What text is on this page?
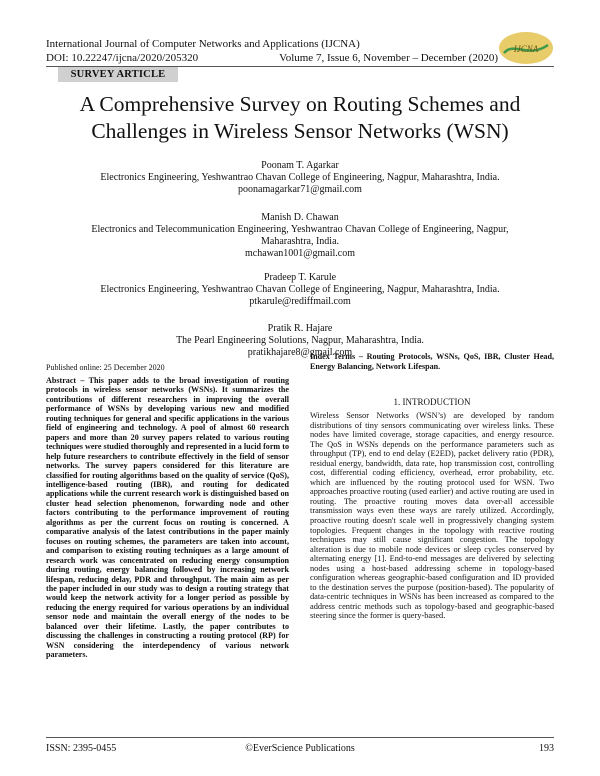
International Journal of Computer Networks and Applications (IJCNA)
DOI: 10.22247/ijcna/2020/205320	Volume 7, Issue 6, November – December (2020)
IJCNA
SURVEY ARTICLE
A Comprehensive Survey on Routing Schemes and
Challenges in Wireless Sensor Networks (WSN)
Poonam T. Agarkar
Electronics Engineering, Yeshwantrao Chavan College of Engineering, Nagpur, Maharashtra, India.
poonamagarkar71@gmail.com
Manish D. Chawan
Electronics and Telecommunication Engineering, Yeshwantrao Chavan College of Engineering, Nagpur, Maharashtra, India.
mchawan1001@gmail.com
Pradeep T. Karule
Electronics Engineering, Yeshwantrao Chavan College of Engineering, Nagpur, Maharashtra, India.
ptkarule@rediffmail.com
Pratik R. Hajare
The Pearl Engineering Solutions, Nagpur, Maharashtra, India.
pratikhajare8@gmail.com
Published online: 25 December 2020
Abstract – This paper adds to the broad investigation of routing protocols in wireless sensor networks (WSNs). It summarizes the contributions of different researchers in improving the overall performance of WSNs by developing various new and modified routing techniques for general and specific applications in the various field of engineering and technology. A pool of almost 60 research papers and more than 20 survey papers related to various routing techniques were studied thoroughly and represented in a lucid form to help future researchers to contribute effectively in the field of sensor networks. The survey papers considered for this literature are classified for routing algorithms based on the quality of service (QoS), intelligence-based routing (IBR), and routing for dedicated applications while the current research work is distinguished based on cluster head selection phenomenon, forwarding node and other factors contributing to the performance improvement of routing algorithms as per the current focus on routing is concerned. A comparative analysis of the latest contributions in the paper mainly focuses on routing schemes, the parameters are taken into account, and comparison to existing routing techniques as a large amount of research work was concentrated on reducing energy consumption during routing, energy balancing followed by increasing network lifespan, reducing delay, PDR and throughput. The main aim as per the paper included in our study was to design a routing strategy that would keep the network activity for a longer period as possible by reducing the energy required for various operations by an individual sensor node and maintain the overall energy of the nodes to be balanced over their lifetime. Lastly, the paper contributes to discussing the challenges in constructing a routing protocol (RP) for WSN considering the interdependency of various network parameters.
Index Terms – Routing Protocols, WSNs, QoS, IBR, Cluster Head, Energy Balancing, Network Lifespan.
1. INTRODUCTION
Wireless Sensor Networks (WSN’s) are developed by random distributions of tiny sensors communicating over wireless links. These nodes have limited coverage, storage capacities, and energy resource. The QoS in WSNs depends on the performance parameters such as throughput (TP), end to end delay (E2ED), packet delivery ratio (PDR), residual energy, bandwidth, data rate, hop transmission cost, controlling cost, differential coding efficiency, overhead, error probability, etc. which are influenced by the routing protocol used for WSN. Two approaches proactive routing (used earlier) and active routing are used in routing. The proactive routing moves data over-all accessible transmission ways even these ways are rarely utilized. Accordingly, proactive routing doesn't scale well in progressively changing system topologies. Frequent changes in the topology with reactive routing techniques may still cause significant congestion. The topology alteration is due to mobile node devices or sleep cycles conserved by alternating energy [1]. End-to-end messages are delivered by selecting nodes using a host-based addressing scheme in topology-based configuration whereas geographic-based configuration and ID provided to the destination serves the purpose (position-based). The popularity of data-centric techniques in WSNs has been increased as compared to the address centric methods such as topology-based and geographic-based steering since the former is query-based.
ISSN: 2395-0455	©EverScience Publications	193
